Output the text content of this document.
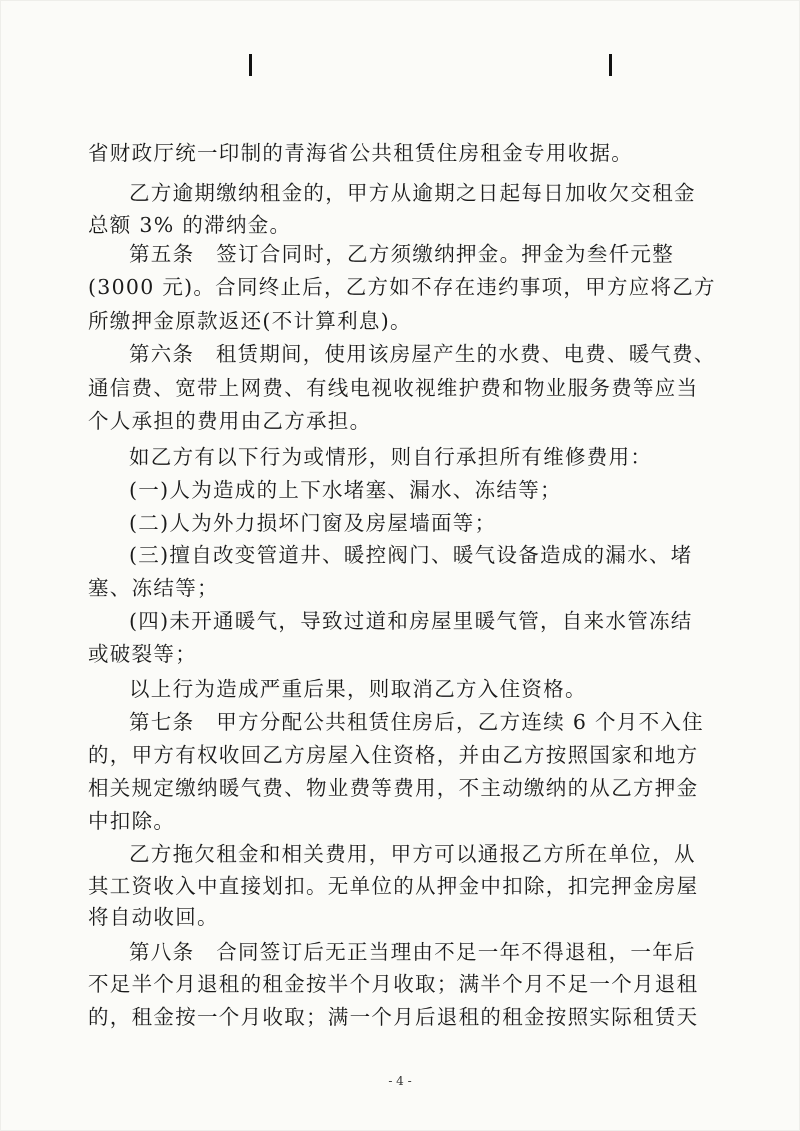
省财政厅统一印制的青海省公共租赁住房租金专用收据。
乙方逾期缴纳租金的，甲方从逾期之日起每日加收欠交租金
总额 3% 的滞纳金。
第五条　签订合同时，乙方须缴纳押金。押金为叁仟元整
(3000 元)。合同终止后，乙方如不存在违约事项，甲方应将乙方
所缴押金原款返还(不计算利息)。
第六条　租赁期间，使用该房屋产生的水费、电费、暖气费、
通信费、宽带上网费、有线电视收视维护费和物业服务费等应当
个人承担的费用由乙方承担。
如乙方有以下行为或情形，则自行承担所有维修费用：
(一)人为造成的上下水堵塞、漏水、冻结等；
(二)人为外力损坏门窗及房屋墙面等；
(三)擅自改变管道井、暖控阀门、暖气设备造成的漏水、堵
塞、冻结等；
(四)未开通暖气，导致过道和房屋里暖气管，自来水管冻结
或破裂等；
以上行为造成严重后果，则取消乙方入住资格。
第七条　甲方分配公共租赁住房后，乙方连续 6 个月不入住
的，甲方有权收回乙方房屋入住资格，并由乙方按照国家和地方
相关规定缴纳暖气费、物业费等费用，不主动缴纳的从乙方押金
中扣除。
乙方拖欠租金和相关费用，甲方可以通报乙方所在单位，从
其工资收入中直接划扣。无单位的从押金中扣除，扣完押金房屋
将自动收回。
第八条　合同签订后无正当理由不足一年不得退租，一年后
不足半个月退租的租金按半个月收取；满半个月不足一个月退租
的，租金按一个月收取；满一个月后退租的租金按照实际租赁天
- 4 -
